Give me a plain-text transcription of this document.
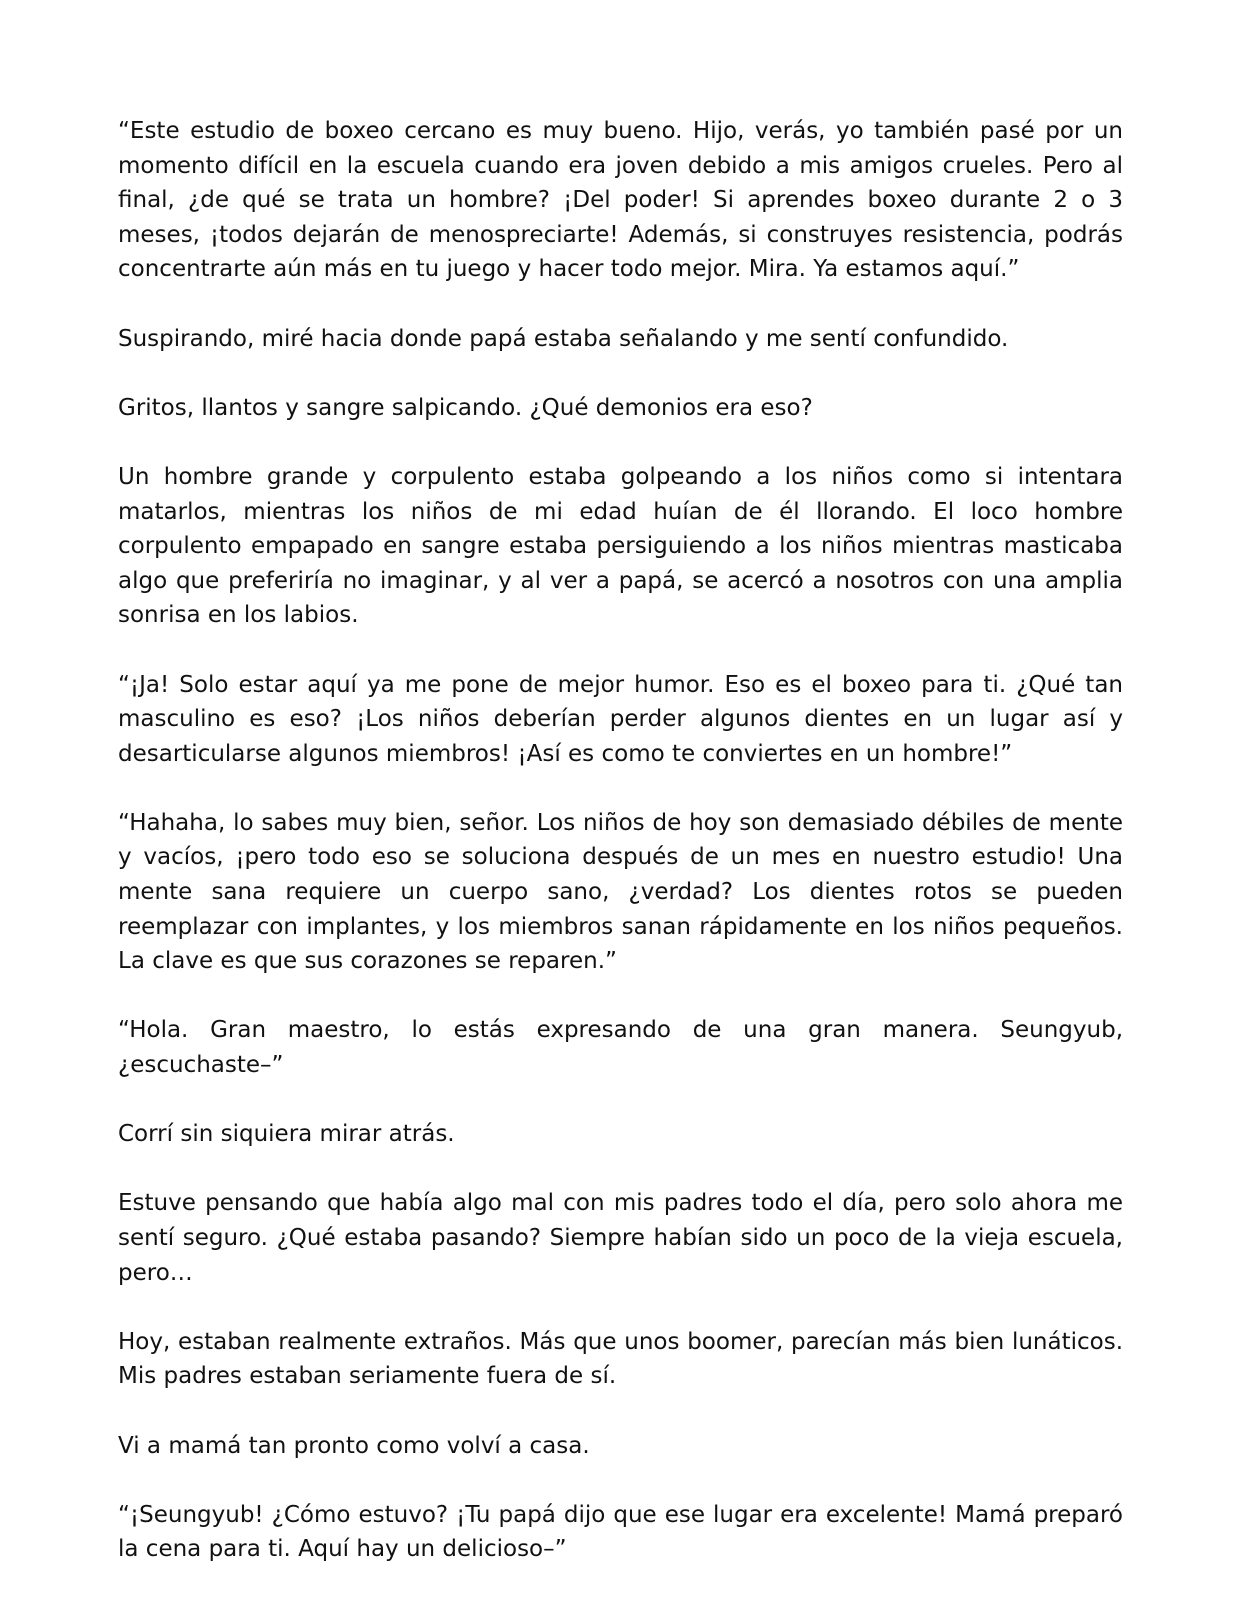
“Este estudio de boxeo cercano es muy bueno. Hijo, verás, yo también pasé por un momento difícil en la escuela cuando era joven debido a mis amigos crueles. Pero al final, ¿de qué se trata un hombre? ¡Del poder! Si aprendes boxeo durante 2 o 3 meses, ¡todos dejarán de menospreciarte! Además, si construyes resistencia, podrás concentrarte aún más en tu juego y hacer todo mejor. Mira. Ya estamos aquí.”

Suspirando, miré hacia donde papá estaba señalando y me sentí confundido.

Gritos, llantos y sangre salpicando. ¿Qué demonios era eso?

Un hombre grande y corpulento estaba golpeando a los niños como si intentara matarlos, mientras los niños de mi edad huían de él llorando. El loco hombre corpulento empapado en sangre estaba persiguiendo a los niños mientras masticaba algo que preferiría no imaginar, y al ver a papá, se acercó a nosotros con una amplia sonrisa en los labios.

“¡Ja! Solo estar aquí ya me pone de mejor humor. Eso es el boxeo para ti. ¿Qué tan masculino es eso? ¡Los niños deberían perder algunos dientes en un lugar así y desarticularse algunos miembros! ¡Así es como te conviertes en un hombre!”

“Hahaha, lo sabes muy bien, señor. Los niños de hoy son demasiado débiles de mente y vacíos, ¡pero todo eso se soluciona después de un mes en nuestro estudio! Una mente sana requiere un cuerpo sano, ¿verdad? Los dientes rotos se pueden reemplazar con implantes, y los miembros sanan rápidamente en los niños pequeños. La clave es que sus corazones se reparen.”

“Hola. Gran maestro, lo estás expresando de una gran manera. Seungyub, ¿escuchaste–”

Corrí sin siquiera mirar atrás.

Estuve pensando que había algo mal con mis padres todo el día, pero solo ahora me sentí seguro. ¿Qué estaba pasando? Siempre habían sido un poco de la vieja escuela, pero…

Hoy, estaban realmente extraños. Más que unos boomer, parecían más bien lunáticos. Mis padres estaban seriamente fuera de sí.

Vi a mamá tan pronto como volví a casa.

“¡Seungyub! ¿Cómo estuvo? ¡Tu papá dijo que ese lugar era excelente! Mamá preparó la cena para ti. Aquí hay un delicioso–”
